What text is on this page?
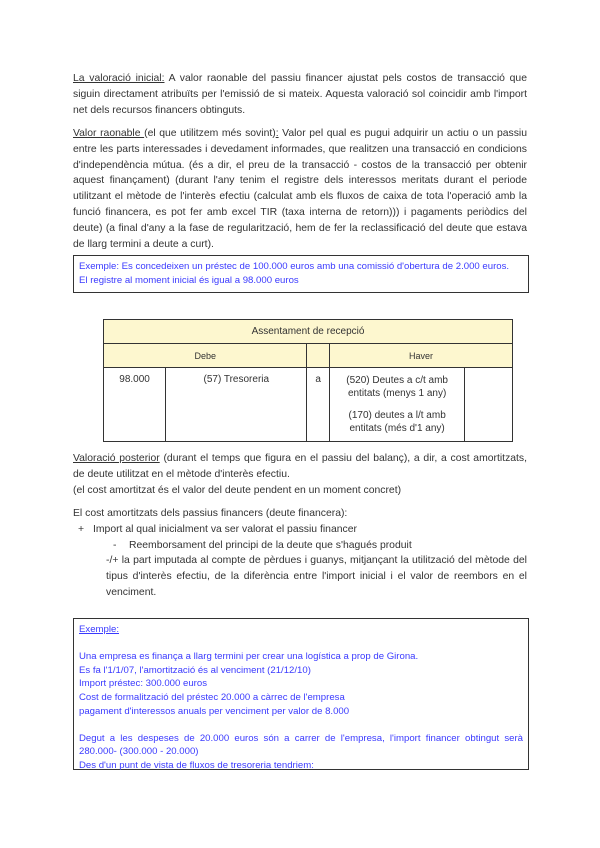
La valoració inicial: A valor raonable del passiu financer ajustat pels costos de transacció que siguin directament atribuïts per l'emissió de si mateix. Aquesta valoració sol coincidir amb l'import net dels recursos financers obtinguts.
Valor raonable (el que utilitzem més sovint): Valor pel qual es pugui adquirir un actiu o un passiu entre les parts interessades i devedament informades, que realitzen una transacció en condicions d'independència mútua. (és a dir, el preu de la transacció - costos de la transacció per obtenir aquest finançament) (durant l'any tenim el registre dels interessos meritats durant el periode utilitzant el mètode de l'interès efectiu (calculat amb els fluxos de caixa de tota l'operació amb la funció financera, es pot fer amb excel TIR (taxa interna de retorn))) i pagaments periòdics del deute) (a final d'any a la fase de regularització, hem de fer la reclassificació del deute que estava de llarg termini a deute a curt).
Exemple: Es concedeixen un préstec de 100.000 euros amb una comissió d'obertura de 2.000 euros.
El registre al moment inicial és igual a 98.000 euros
Assentament de recepció				
Debe			Haver	
98.000	(57) Tresoreria	a	(520) Deutes a c/t amb entitats (menys 1 any)
(170) deutes a l/t amb entitats (més d'1 any)	

Valoració posterior (durant el temps que figura en el passiu del balanç), a dir, a cost amortitzats, de deute utilitzat en el mètode d'interès efectiu.
(el cost amortitzat és el valor del deute pendent en un moment concret)
El cost amortitzats dels passius financers (deute financera):
+ Import al qual inicialment va ser valorat el passiu financer
- Reemborsament del principi de la deute que s'hagués produit
-/+ la part imputada al compte de pèrdues i guanys, mitjançant la utilització del mètode del tipus d'interès efectiu, de la diferència entre l'import inicial i el valor de reembors en el venciment.
Exemple:
Una empresa es finança a llarg termini per crear una logística a prop de Girona.
Es fa l'1/1/07, l'amortització és al venciment (21/12/10)
Import préstec: 300.000 euros
Cost de formalització del préstec 20.000 a càrrec de l'empresa
pagament d'interessos anuals per venciment per valor de 8.000
Degut a les despeses de 20.000 euros són a carrer de l'empresa, l'import financer obtingut serà 280.000- (300.000 - 20.000)
Des d'un punt de vista de fluxos de tresoreria tendriem:
